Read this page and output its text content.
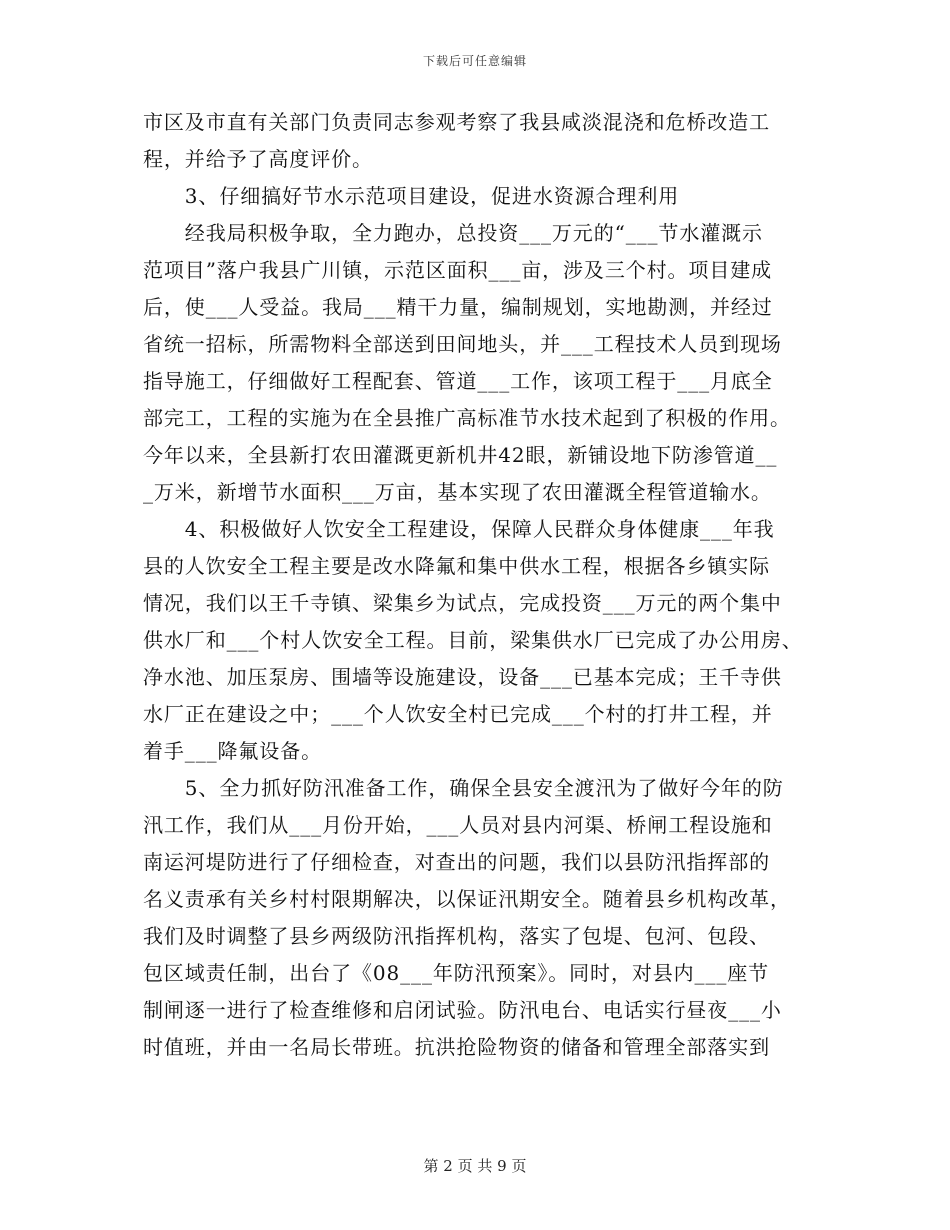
下载后可任意编辑
市区及市直有关部门负责同志参观考察了我县咸淡混浇和危桥改造工
程，并给予了高度评价。
　　3、仔细搞好节水示范项目建设，促进水资源合理利用
　　经我局积极争取，全力跑办，总投资___万元的“___节水灌溉示
范项目”落户我县广川镇，示范区面积___亩，涉及三个村。项目建成
后，使___人受益。我局___精干力量，编制规划，实地勘测，并经过
省统一招标，所需物料全部送到田间地头，并___工程技术人员到现场
指导施工，仔细做好工程配套、管道___工作，该项工程于___月底全
部完工，工程的实施为在全县推广高标准节水技术起到了积极的作用。
今年以来，全县新打农田灌溉更新机井42眼，新铺设地下防渗管道__
_万米，新增节水面积___万亩，基本实现了农田灌溉全程管道输水。
　　4、积极做好人饮安全工程建设，保障人民群众身体健康___年我
县的人饮安全工程主要是改水降氟和集中供水工程，根据各乡镇实际
情况，我们以王千寺镇、梁集乡为试点，完成投资___万元的两个集中
供水厂和___个村人饮安全工程。目前，梁集供水厂已完成了办公用房、
净水池、加压泵房、围墙等设施建设，设备___已基本完成；王千寺供
水厂正在建设之中；___个人饮安全村已完成___个村的打井工程，并
着手___降氟设备。
　　5、全力抓好防汛准备工作，确保全县安全渡汛为了做好今年的防
汛工作，我们从___月份开始，___人员对县内河渠、桥闸工程设施和
南运河堤防进行了仔细检查，对查出的问题，我们以县防汛指挥部的
名义责承有关乡村村限期解决，以保证汛期安全。随着县乡机构改革，
我们及时调整了县乡两级防汛指挥机构，落实了包堤、包河、包段、
包区域责任制，出台了《08___年防汛预案》。同时，对县内___座节
制闸逐一进行了检查维修和启闭试验。防汛电台、电话实行昼夜___小
时值班，并由一名局长带班。抗洪抢险物资的储备和管理全部落实到
第 2 页 共 9 页
